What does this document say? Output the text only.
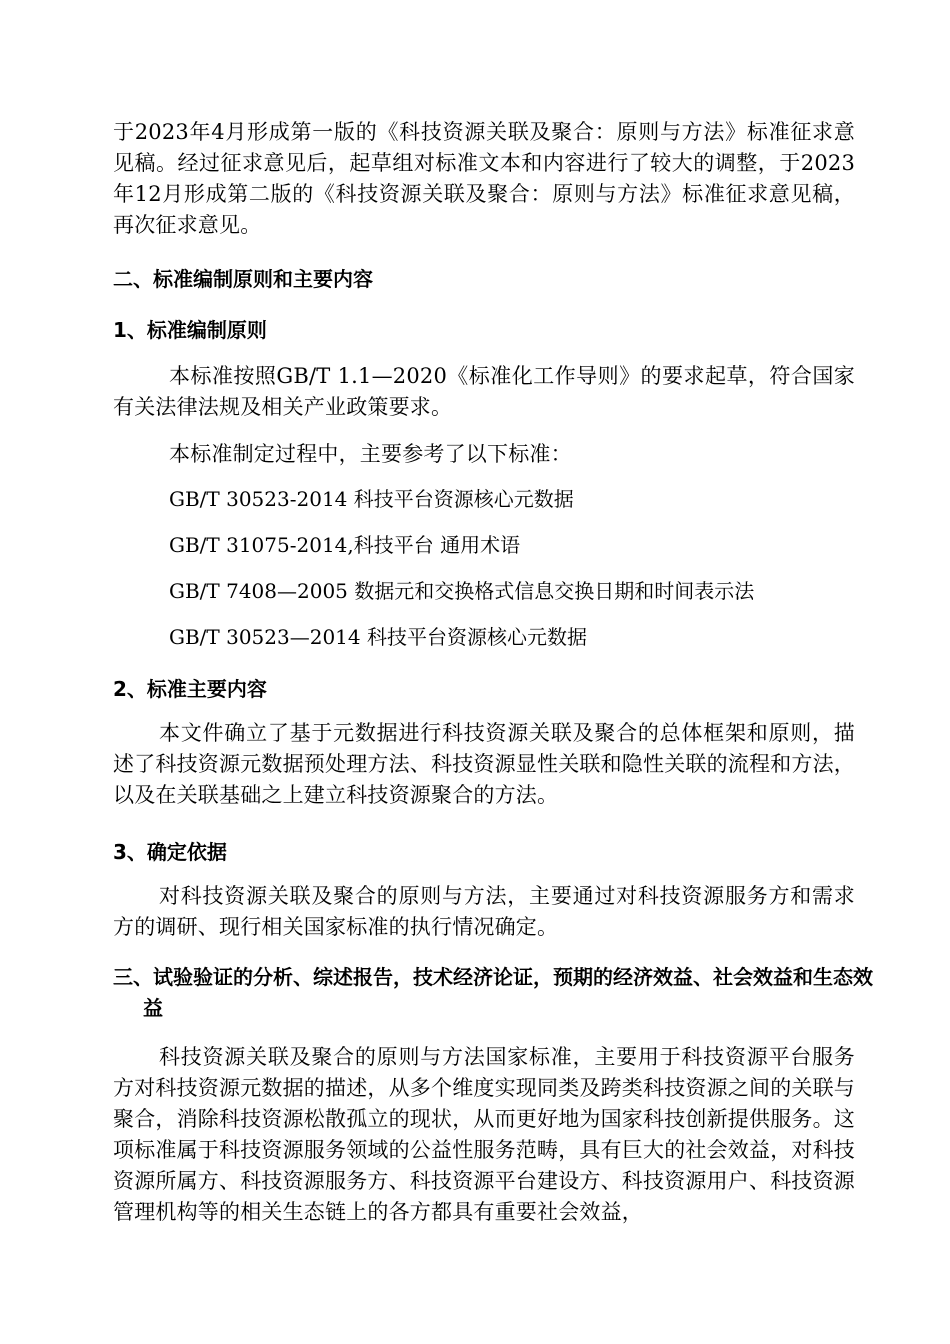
于2023年4月形成第一版的《科技资源关联及聚合：原则与方法》标准征求意见稿。经过征求意见后，起草组对标准文本和内容进行了较大的调整，于2023年12月形成第二版的《科技资源关联及聚合：原则与方法》标准征求意见稿，再次征求意见。

二、标准编制原则和主要内容
1、标准编制原则

本标准按照GB/T 1.1—2020《标准化工作导则》的要求起草，符合国家有关法律法规及相关产业政策要求。

本标准制定过程中，主要参考了以下标准：

GB/T 30523-2014 科技平台资源核心元数据

GB/T 31075-2014,科技平台 通用术语

GB/T 7408—2005 数据元和交换格式信息交换日期和时间表示法

GB/T 30523—2014 科技平台资源核心元数据

2、标准主要内容

本文件确立了基于元数据进行科技资源关联及聚合的总体框架和原则，描述了科技资源元数据预处理方法、科技资源显性关联和隐性关联的流程和方法，以及在关联基础之上建立科技资源聚合的方法。

3、确定依据

对科技资源关联及聚合的原则与方法，主要通过对科技资源服务方和需求方的调研、现行相关国家标准的执行情况确定。

三、试验验证的分析、综述报告，技术经济论证，预期的经济效益、社会效益和生态效益

科技资源关联及聚合的原则与方法国家标准，主要用于科技资源平台服务方对科技资源元数据的描述，从多个维度实现同类及跨类科技资源之间的关联与聚合，消除科技资源松散孤立的现状，从而更好地为国家科技创新提供服务。这项标准属于科技资源服务领域的公益性服务范畴，具有巨大的社会效益，对科技资源所属方、科技资源服务方、科技资源平台建设方、科技资源用户、科技资源管理机构等的相关生态链上的各方都具有重要社会效益，
